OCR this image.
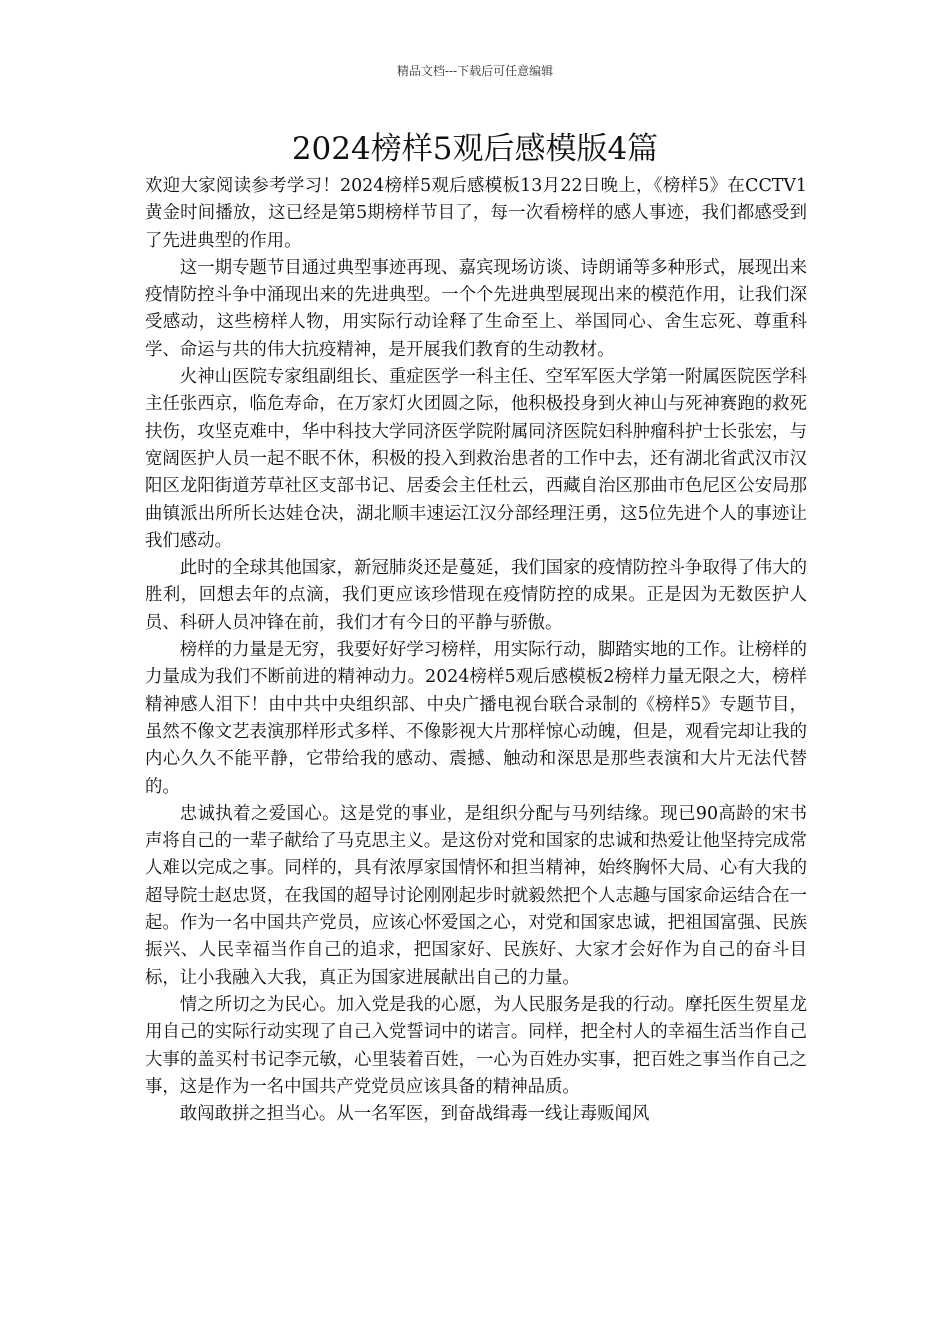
精品文档---下载后可任意编辑
2024榜样5观后感模版4篇

欢迎大家阅读参考学习！2024榜样5观后感模板13月22日晚上，《榜样5》在CCTV1黄金时间播放，这已经是第5期榜样节目了，每一次看榜样的感人事迹，我们都感受到了先进典型的作用。

这一期专题节目通过典型事迹再现、嘉宾现场访谈、诗朗诵等多种形式，展现出来疫情防控斗争中涌现出来的先进典型。一个个先进典型展现出来的模范作用，让我们深受感动，这些榜样人物，用实际行动诠释了生命至上、举国同心、舍生忘死、尊重科学、命运与共的伟大抗疫精神，是开展我们教育的生动教材。

火神山医院专家组副组长、重症医学一科主任、空军军医大学第一附属医院医学科主任张西京，临危寿命，在万家灯火团圆之际，他积极投身到火神山与死神赛跑的救死扶伤，攻坚克难中，华中科技大学同济医学院附属同济医院妇科肿瘤科护士长张宏，与宽阔医护人员一起不眠不休，积极的投入到救治患者的工作中去，还有湖北省武汉市汉阳区龙阳街道芳草社区支部书记、居委会主任杜云，西藏自治区那曲市色尼区公安局那曲镇派出所所长达娃仓决，湖北顺丰速运江汉分部经理汪勇，这5位先进个人的事迹让我们感动。

此时的全球其他国家，新冠肺炎还是蔓延，我们国家的疫情防控斗争取得了伟大的胜利，回想去年的点滴，我们更应该珍惜现在疫情防控的成果。正是因为无数医护人员、科研人员冲锋在前，我们才有今日的平静与骄傲。

榜样的力量是无穷，我要好好学习榜样，用实际行动，脚踏实地的工作。让榜样的力量成为我们不断前进的精神动力。2024榜样5观后感模板2榜样力量无限之大，榜样精神感人泪下！由中共中央组织部、中央广播电视台联合录制的《榜样5》专题节目，虽然不像文艺表演那样形式多样、不像影视大片那样惊心动魄，但是，观看完却让我的内心久久不能平静，它带给我的感动、震撼、触动和深思是那些表演和大片无法代替的。

忠诚执着之爱国心。这是党的事业，是组织分配与马列结缘。现已90高龄的宋书声将自己的一辈子献给了马克思主义。是这份对党和国家的忠诚和热爱让他坚持完成常人难以完成之事。同样的，具有浓厚家国情怀和担当精神，始终胸怀大局、心有大我的超导院士赵忠贤，在我国的超导讨论刚刚起步时就毅然把个人志趣与国家命运结合在一起。作为一名中国共产党员，应该心怀爱国之心，对党和国家忠诚，把祖国富强、民族振兴、人民幸福当作自己的追求，把国家好、民族好、大家才会好作为自己的奋斗目标，让小我融入大我，真正为国家进展献出自己的力量。

情之所切之为民心。加入党是我的心愿，为人民服务是我的行动。摩托医生贺星龙用自己的实际行动实现了自己入党誓词中的诺言。同样，把全村人的幸福生活当作自己大事的盖买村书记李元敏，心里装着百姓，一心为百姓办实事，把百姓之事当作自己之事，这是作为一名中国共产党党员应该具备的精神品质。

敢闯敢拼之担当心。从一名军医，到奋战缉毒一线让毒贩闻风
